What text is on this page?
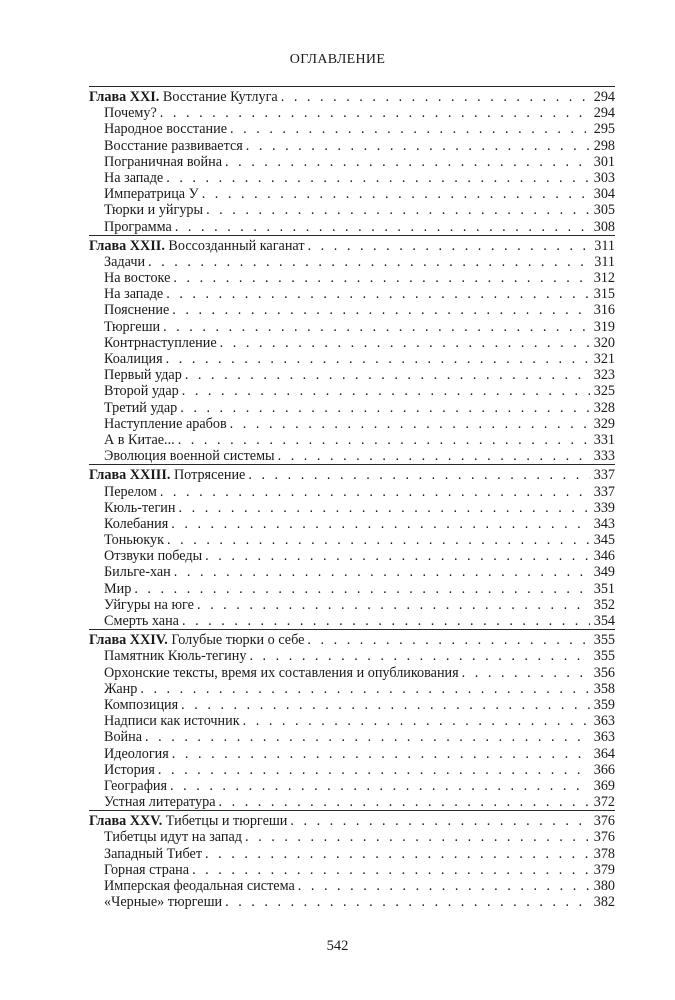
ОГЛАВЛЕНИЕ
Глава XXI. Восстание Кутлуга . . .	294
Почему? . . .	294
Народное восстание . . .	295
Восстание развивается . . .	298
Пограничная война . . .	301
На западе . . .	303
Императрица У . . .	304
Тюрки и уйгуры . . .	305
Программа . . .	308
Глава XXII. Воссозданный каганат . . .	311
Задачи . . .	311
На востоке . . .	312
На западе . . .	315
Пояснение . . .	316
Тюргеши . . .	319
Контрнаступление . . .	320
Коалиция . . .	321
Первый удар . . .	323
Второй удар . . .	325
Третий удар . . .	328
Наступление арабов . . .	329
А в Китае... . . .	331
Эволюция военной системы . . .	333
Глава XXIII. Потрясение . . .	337
Перелом . . .	337
Кюль-тегин . . .	339
Колебания . . .	343
Тоньюкук . . .	345
Отзвуки победы . . .	346
Бильге-хан . . .	349
Мир . . .	351
Уйгуры на юге . . .	352
Смерть хана . . .	354
Глава XXIV. Голубые тюрки о себе . . .	355
Памятник Кюль-тегину . . .	355
Орхонские тексты, время их составления и опубликования . . .	356
Жанр . . .	358
Композиция . . .	359
Надписи как источник . . .	363
Война . . .	363
Идеология . . .	364
История . . .	366
География . . .	369
Устная литература . . .	372
Глава XXV. Тибетцы и тюргеши . . .	376
Тибетцы идут на запад . . .	376
Западный Тибет . . .	378
Горная страна . . .	379
Имперская феодальная система . . .	380
«Черные» тюргеши . . .	382
542
